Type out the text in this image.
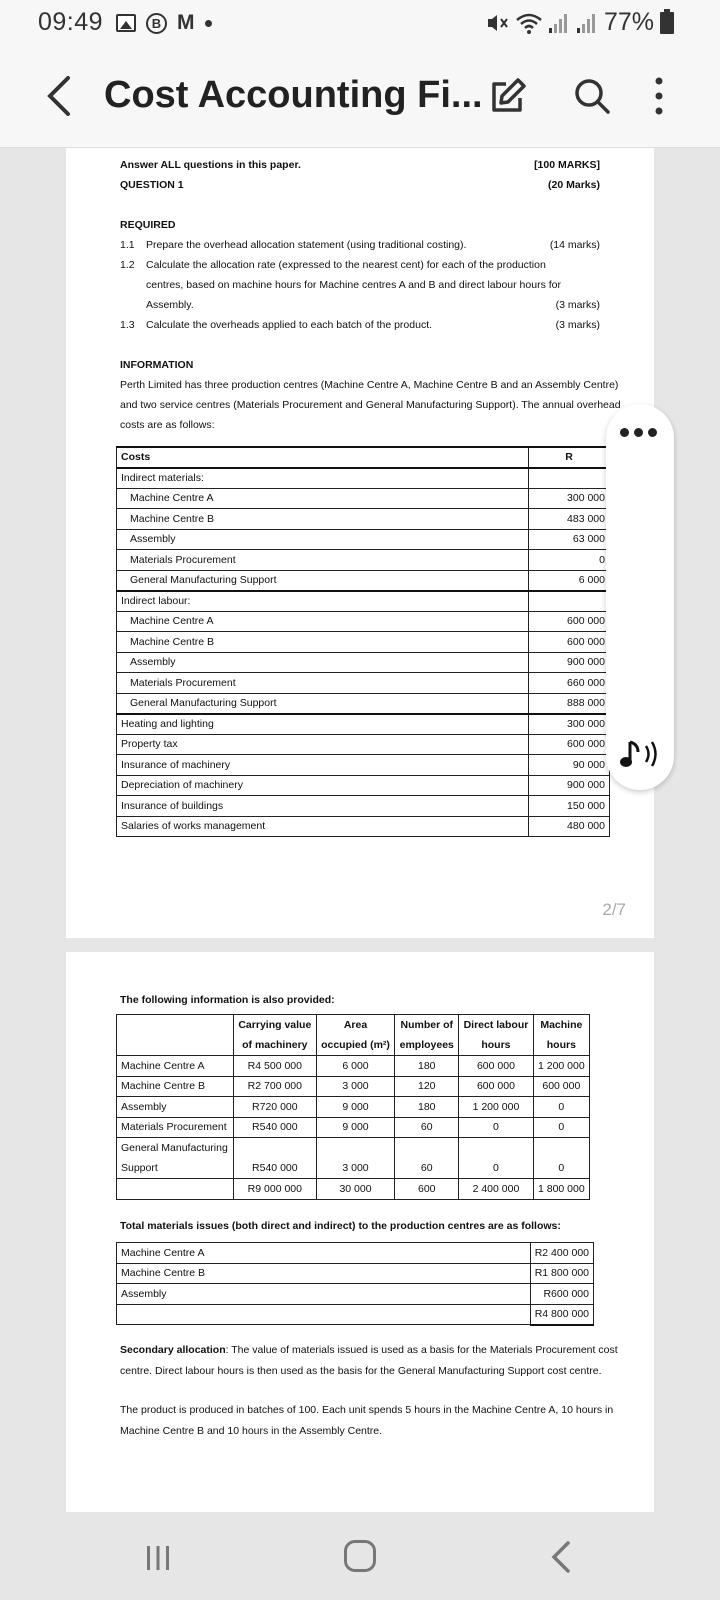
09:49	B M	77%
Cost Accounting Fi...
Answer ALL questions in this paper.	[100 MARKS]
QUESTION 1	(20 Marks)
REQUIRED
1.1 Prepare the overhead allocation statement (using traditional costing).	(14 marks)
1.2 Calculate the allocation rate (expressed to the nearest cent) for each of the production
centres, based on machine hours for Machine centres A and B and direct labour hours for
Assembly.	(3 marks)
1.3 Calculate the overheads applied to each batch of the product.	(3 marks)
INFORMATION
Perth Limited has three production centres (Machine Centre A, Machine Centre B and an Assembly Centre)
and two service centres (Materials Procurement and General Manufacturing Support). The annual overhead
costs are as follows:
Costs	R
Indirect materials:	
Machine Centre A	300 000
Machine Centre B	483 000
Assembly	63 000
Materials Procurement	0
General Manufacturing Support	6 000
Indirect labour:	
Machine Centre A	600 000
Machine Centre B	600 000
Assembly	900 000
Materials Procurement	660 000
General Manufacturing Support	888 000
Heating and lighting	300 000
Property tax	600 000
Insurance of machinery	90 000
Depreciation of machinery	900 000
Insurance of buildings	150 000
Salaries of works management	480 000
2/7
The following information is also provided:
	Carrying value	Area	Number of	Direct labour	Machine
	of machinery	occupied (m²)	employees	hours	hours
Machine Centre A	R4 500 000	6 000	180	600 000	1 200 000
Machine Centre B	R2 700 000	3 000	120	600 000	600 000
Assembly	R720 000	9 000	180	1 200 000	0
Materials Procurement	R540 000	9 000	60	0	0
General Manufacturing					
Support	R540 000	3 000	60	0	0
	R9 000 000	30 000	600	2 400 000	1 800 000
Total materials issues (both direct and indirect) to the production centres are as follows:
Machine Centre A	R2 400 000
Machine Centre B	R1 800 000
Assembly	R600 000
	R4 800 000
Secondary allocation: The value of materials issued is used as a basis for the Materials Procurement cost
centre. Direct labour hours is then used as the basis for the General Manufacturing Support cost centre.
The product is produced in batches of 100. Each unit spends 5 hours in the Machine Centre A, 10 hours in
Machine Centre B and 10 hours in the Assembly Centre.
